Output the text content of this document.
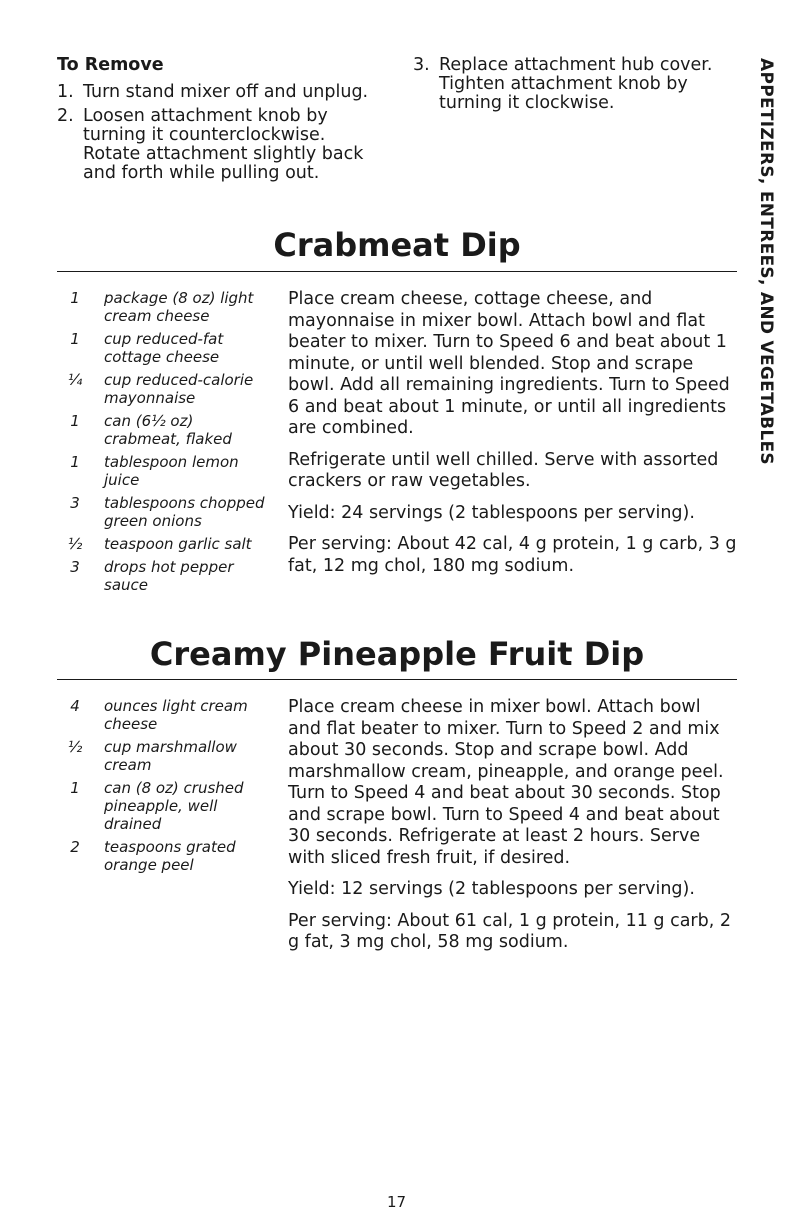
To Remove
1. Turn stand mixer off and unplug.
2. Loosen attachment knob by turning it counterclockwise. Rotate attachment slightly back and forth while pulling out.
3. Replace attachment hub cover. Tighten attachment knob by turning it clockwise.	APPETIZERS, ENTREES, AND VEGETABLES
Crabmeat Dip
1	package (8 oz) light cream cheese
1	cup reduced-fat cottage cheese
¼	cup reduced-calorie mayonnaise
1	can (6½ oz) crabmeat, flaked
1	tablespoon lemon juice
3	tablespoons chopped green onions
½	teaspoon garlic salt
3	drops hot pepper sauce

Place cream cheese, cottage cheese, and mayonnaise in mixer bowl. Attach bowl and flat beater to mixer. Turn to Speed 6 and beat about 1 minute, or until well blended. Stop and scrape bowl. Add all remaining ingredients. Turn to Speed 6 and beat about 1 minute, or until all ingredients are combined.

Refrigerate until well chilled. Serve with assorted crackers or raw vegetables.

Yield: 24 servings (2 tablespoons per serving).

Per serving: About 42 cal, 4 g protein, 1 g carb, 3 g fat, 12 mg chol, 180 mg sodium.

Creamy Pineapple Fruit Dip
4	ounces light cream cheese
½	cup marshmallow cream
1	can (8 oz) crushed pineapple, well drained
2	teaspoons grated orange peel

Place cream cheese in mixer bowl. Attach bowl and flat beater to mixer. Turn to Speed 2 and mix about 30 seconds. Stop and scrape bowl. Add marshmallow cream, pineapple, and orange peel. Turn to Speed 4 and beat about 30 seconds. Stop and scrape bowl. Turn to Speed 4 and beat about 30 seconds. Refrigerate at least 2 hours. Serve with sliced fresh fruit, if desired.

Yield: 12 servings (2 tablespoons per serving).

Per serving: About 61 cal, 1 g protein, 11 g carb, 2 g fat, 3 mg chol, 58 mg sodium.

17
